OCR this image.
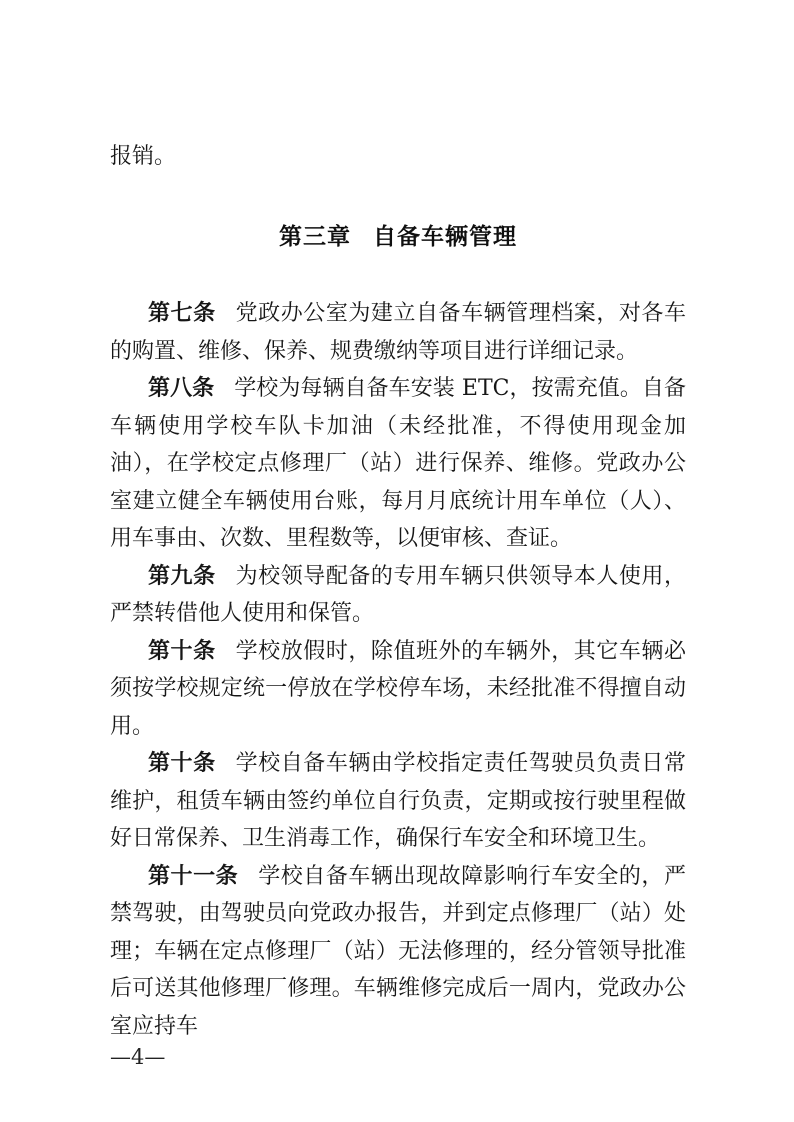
报销。

第三章 自备车辆管理

第七条 党政办公室为建立自备车辆管理档案，对各车的购置、维修、保养、规费缴纳等项目进行详细记录。

第八条 学校为每辆自备车安装 ETC，按需充值。自备车辆使用学校车队卡加油（未经批准，不得使用现金加油），在学校定点修理厂（站）进行保养、维修。党政办公室建立健全车辆使用台账，每月月底统计用车单位（人）、用车事由、次数、里程数等，以便审核、查证。

第九条 为校领导配备的专用车辆只供领导本人使用，严禁转借他人使用和保管。

第十条 学校放假时，除值班外的车辆外，其它车辆必须按学校规定统一停放在学校停车场，未经批准不得擅自动用。

第十条 学校自备车辆由学校指定责任驾驶员负责日常维护，租赁车辆由签约单位自行负责，定期或按行驶里程做好日常保养、卫生消毒工作，确保行车安全和环境卫生。

第十一条 学校自备车辆出现故障影响行车安全的，严禁驾驶，由驾驶员向党政办报告，并到定点修理厂（站）处理；车辆在定点修理厂（站）无法修理的，经分管领导批准后可送其他修理厂修理。车辆维修完成后一周内，党政办公室应持车

—4—
